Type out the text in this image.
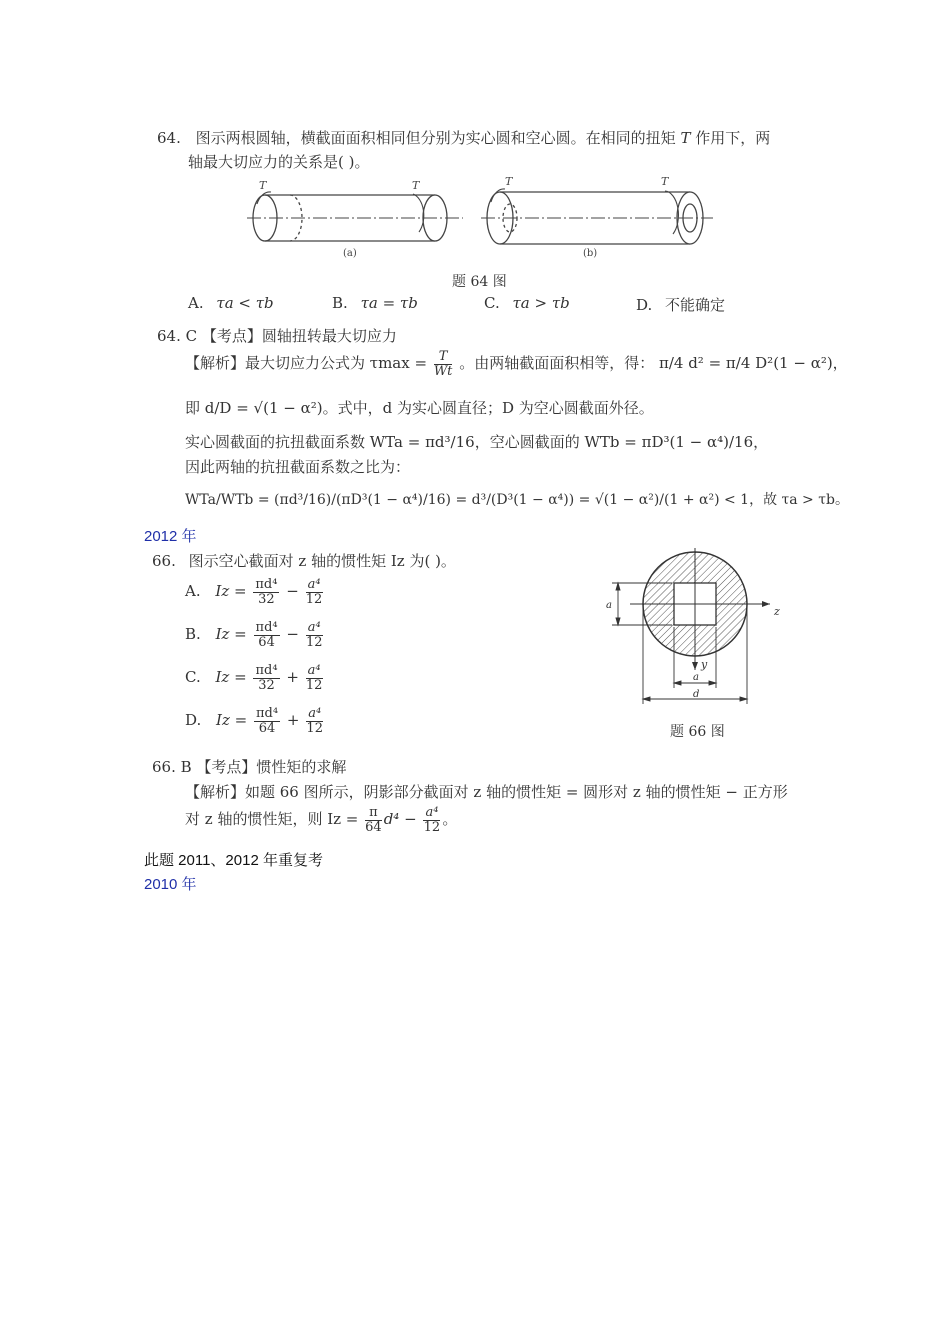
64. 图示两根圆轴，横截面面积相同但分别为实心圆和空心圆。在相同的扭矩 T 作用下，两
轴最大切应力的关系是( )。
T	T
(a)
T	T
(b)
题 64 图
A. τa < τb	B. τa = τb	C. τa > τb	D. 不能确定
64. C 【考点】圆轴扭转最大切应力
【解析】最大切应力公式为 $\tau\max = \frac{T}{Wt}$ 。由两轴截面面积相等，得： π/4 d² = π/4 D²(1 − α²)，
即 d/D = √(1 − α²)。式中，d 为实心圆直径；D 为空心圆截面外径。
实心圆截面的抗扭截面系数 WTa = πd³/16，空心圆截面的 WTb = πD³(1 − α⁴)/16，
因此两轴的抗扭截面系数之比为：
WTa/WTb = (πd³/16)/(πD³(1 − α⁴)/16) = d³/(D³(1 − α⁴)) = √(1 − α²)/(1 + α²) < 1，故 τa > τb。
2012 年
66. 图示空心截面对 z 轴的惯性矩 Iz 为( )。
A. $Iz = \frac{\text{πd⁴}}{32} - \frac{\text{a⁴}}{12}$
B. $Iz = \frac{\text{πd⁴}}{64} - \frac{\text{a⁴}}{12}$
C. $Iz = \frac{\text{πd⁴}}{32} + \frac{\text{a⁴}}{12}$
D. $Iz = \frac{\text{πd⁴}}{64} + \frac{\text{a⁴}}{12}$
z
y
a
a
d
题 66 图
66. B 【考点】惯性矩的求解
【解析】如题 66 图所示，阴影部分截面对 z 轴的惯性矩 = 圆形对 z 轴的惯性矩 − 正方形
对 z 轴的惯性矩，则 $Iz = \frac{\pi}{64} d^4 - \frac{\text{a⁴}}{12}$ 。
此题 2011、2012 年重复考
2010 年
